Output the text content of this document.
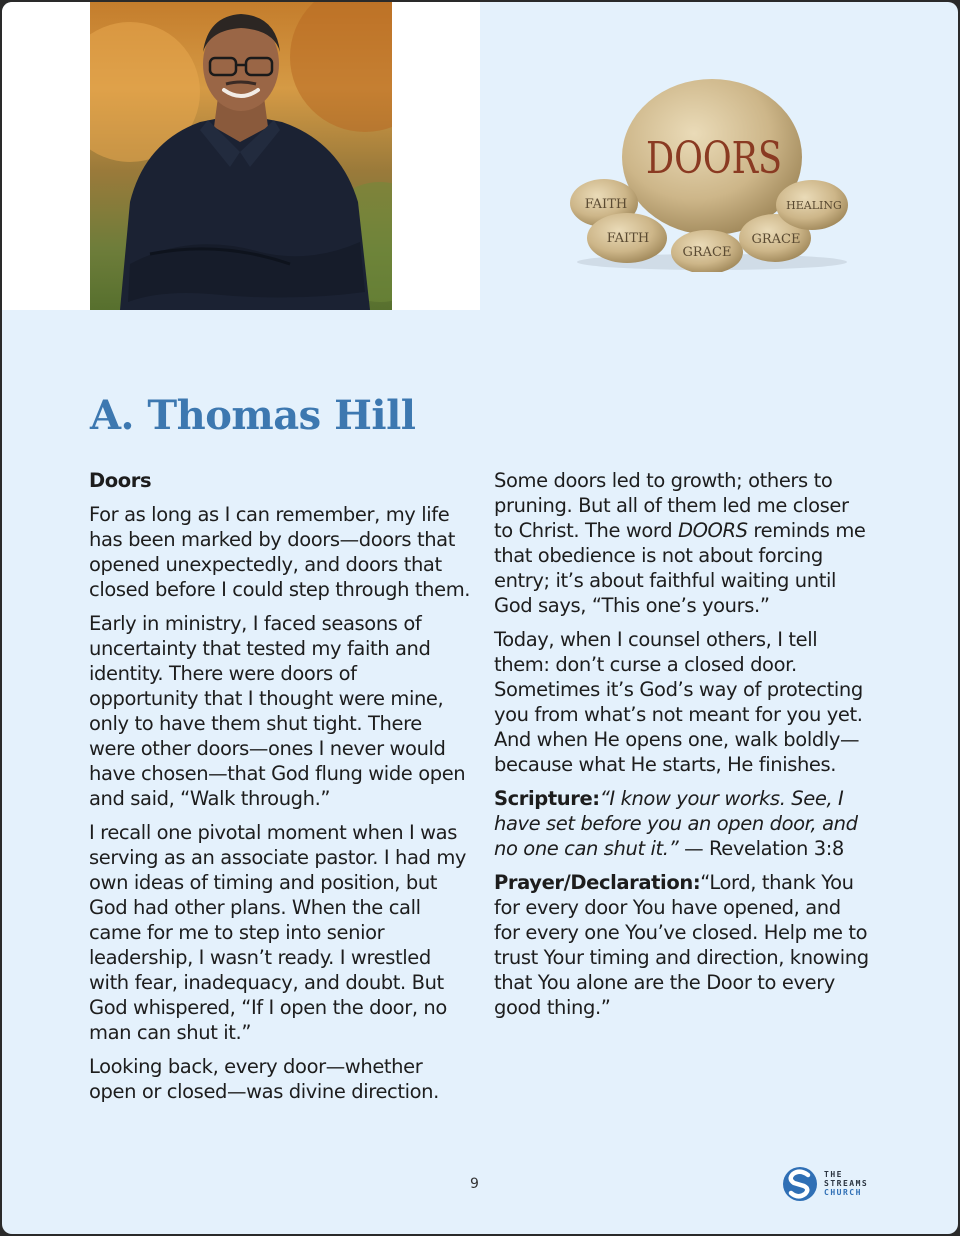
DOORS
FAITH
FAITH
GRACE
GRACE
HEALING
A. Thomas Hill

Doors

For as long as I can remember, my life has been marked by doors—doors that opened unexpectedly, and doors that closed before I could step through them.

Early in ministry, I faced seasons of uncertainty that tested my faith and identity. There were doors of opportunity that I thought were mine, only to have them shut tight. There were other doors—ones I never would have chosen—that God flung wide open and said, “Walk through.”

I recall one pivotal moment when I was serving as an associate pastor. I had my own ideas of timing and position, but God had other plans. When the call came for me to step into senior leadership, I wasn’t ready. I wrestled with fear, inadequacy, and doubt. But God whispered, “If I open the door, no man can shut it.”

Looking back, every door—whether open or closed—was divine direction.

Some doors led to growth; others to pruning. But all of them led me closer to Christ. The word DOORS reminds me that obedience is not about forcing entry; it’s about faithful waiting until God says, “This one’s yours.”

Today, when I counsel others, I tell them: don’t curse a closed door. Sometimes it’s God’s way of protecting you from what’s not meant for you yet. And when He opens one, walk boldly—because what He starts, He finishes.

Scripture:“I know your works. See, I have set before you an open door, and no one can shut it.” — Revelation 3:8

Prayer/Declaration:“Lord, thank You for every door You have opened, and for every one You’ve closed. Help me to trust Your timing and direction, knowing that You alone are the Door to every good thing.”

9
THE
STREAMS
CHURCH
